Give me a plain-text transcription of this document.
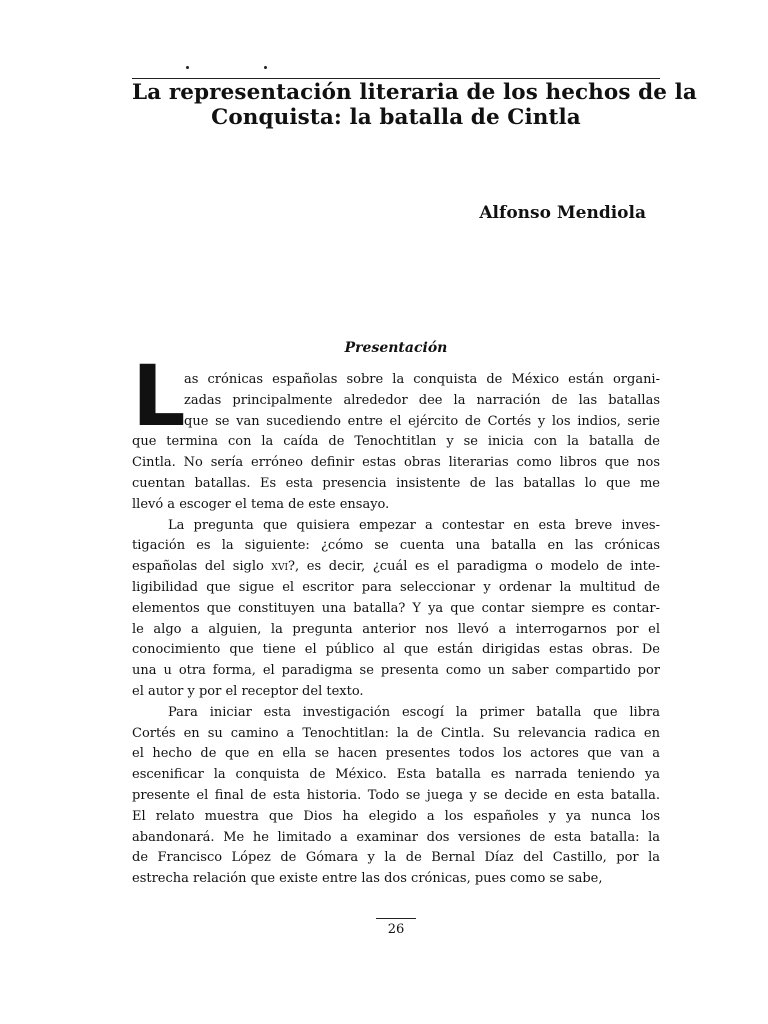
La representación literaria de los hechos de la
Conquista: la batalla de Cintla
Alfonso Mendiola
Presentación
L
as crónicas españolas sobre la conquista de México están organi-
zadas principalmente alrededor dee la narración de las batallas
que se van sucediendo entre el ejército de Cortés y los indios, serie
que termina con la caída de Tenochtitlan y se inicia con la batalla de
Cintla. No sería erróneo definir estas obras literarias como libros que nos
cuentan batallas. Es esta presencia insistente de las batallas lo que me
llevó a escoger el tema de este ensayo.
La pregunta que quisiera empezar a contestar en esta breve inves-
tigación es la siguiente: ¿cómo se cuenta una batalla en las crónicas
españolas del siglo xvi?, es decir, ¿cuál es el paradigma o modelo de inte-
ligibilidad que sigue el escritor para seleccionar y ordenar la multitud de
elementos que constituyen una batalla? Y ya que contar siempre es contar-
le algo a alguien, la pregunta anterior nos llevó a interrogarnos por el
conocimiento que tiene el público al que están dirigidas estas obras. De
una u otra forma, el paradigma se presenta como un saber compartido por
el autor y por el receptor del texto.
Para iniciar esta investigación escogí la primer batalla que libra
Cortés en su camino a Tenochtitlan: la de Cintla. Su relevancia radica en
el hecho de que en ella se hacen presentes todos los actores que van a
escenificar la conquista de México. Esta batalla es narrada teniendo ya
presente el final de esta historia. Todo se juega y se decide en esta batalla.
El relato muestra que Dios ha elegido a los españoles y ya nunca los
abandonará. Me he limitado a examinar dos versiones de esta batalla: la
de Francisco López de Gómara y la de Bernal Díaz del Castillo, por la
estrecha relación que existe entre las dos crónicas, pues como se sabe,
26
